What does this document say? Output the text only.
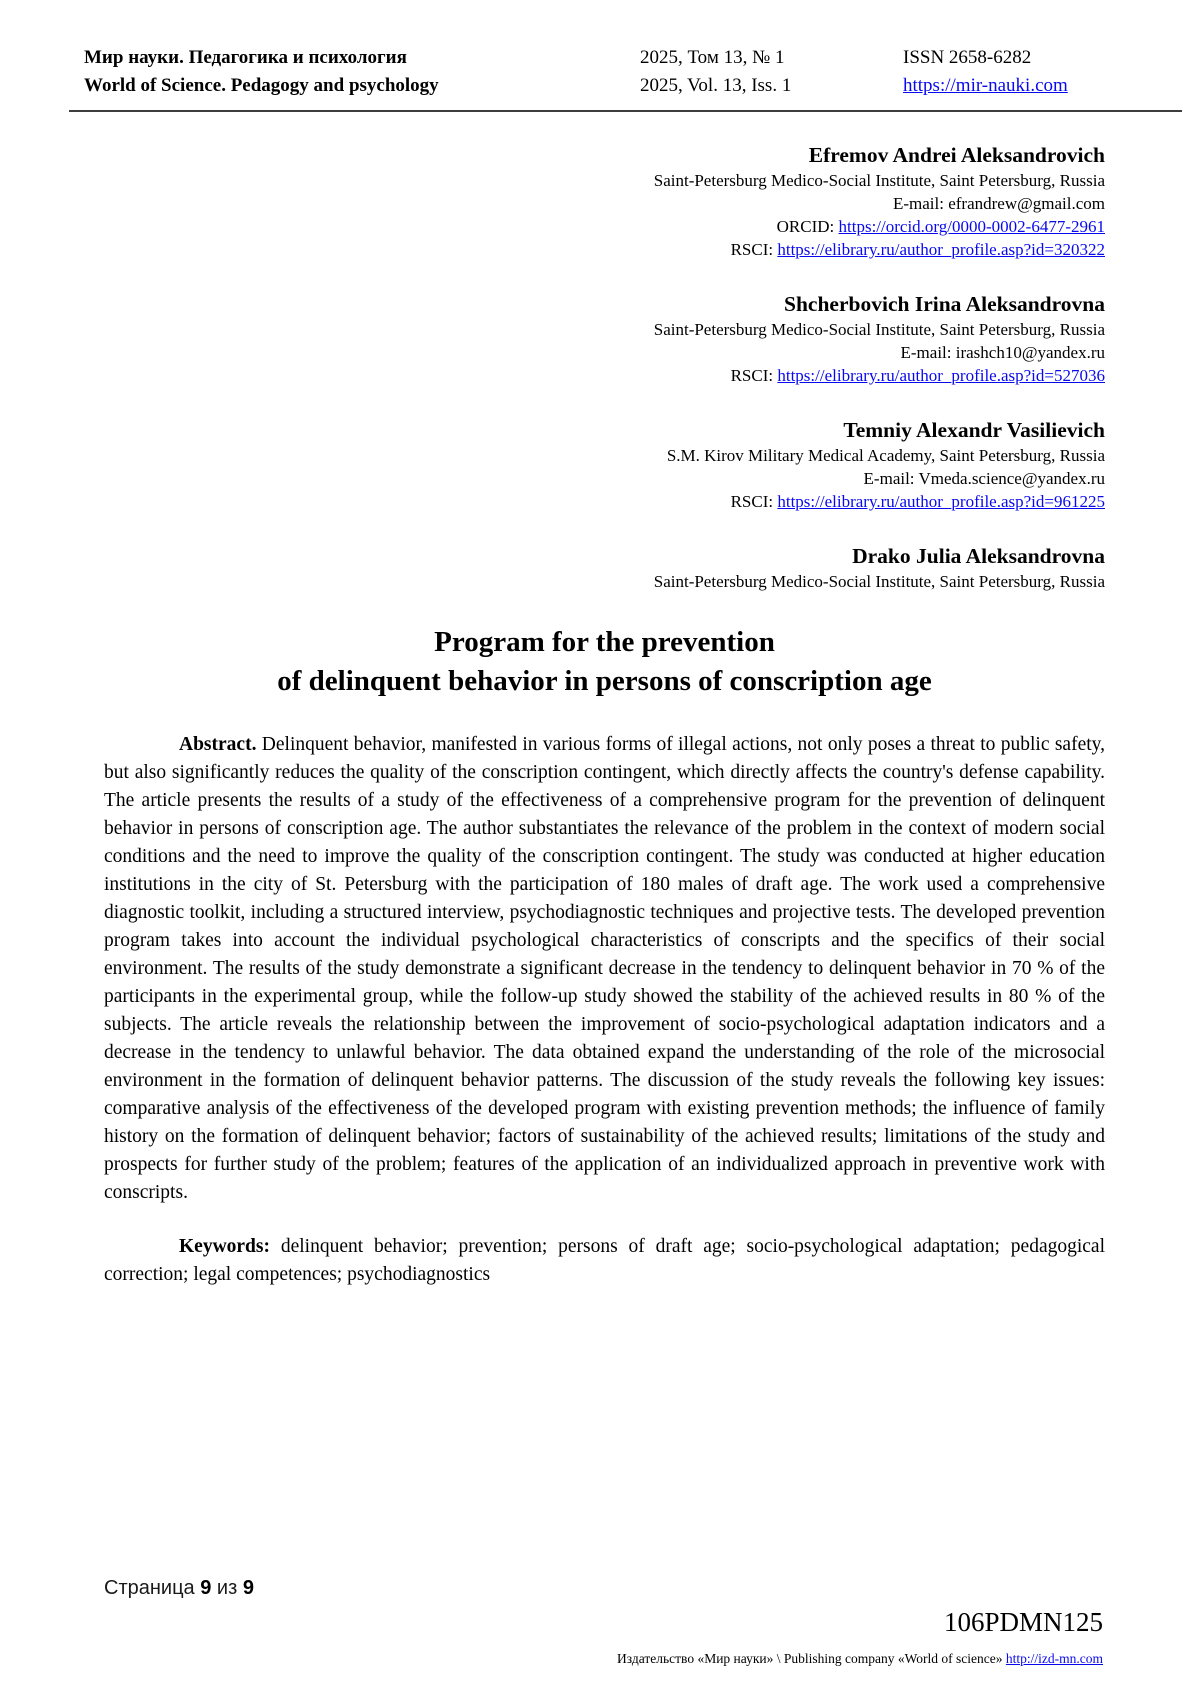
Мир науки. Педагогика и психология
World of Science. Pedagogy and psychology
2025, Том 13, № 1
2025, Vol. 13, Iss. 1
ISSN 2658-6282
https://mir-nauki.com
Efremov Andrei Aleksandrovich
Saint-Petersburg Medico-Social Institute, Saint Petersburg, Russia
E-mail: efrandrew@gmail.com
ORCID: https://orcid.org/0000-0002-6477-2961
RSCI: https://elibrary.ru/author_profile.asp?id=320322
Shcherbovich Irina Aleksandrovna
Saint-Petersburg Medico-Social Institute, Saint Petersburg, Russia
E-mail: irashch10@yandex.ru
RSCI: https://elibrary.ru/author_profile.asp?id=527036
Temniy Alexandr Vasilievich
S.M. Kirov Military Medical Academy, Saint Petersburg, Russia
E-mail: Vmeda.science@yandex.ru
RSCI: https://elibrary.ru/author_profile.asp?id=961225
Drako Julia Aleksandrovna
Saint-Petersburg Medico-Social Institute, Saint Petersburg, Russia
Program for the prevention
of delinquent behavior in persons of conscription age

Abstract. Delinquent behavior, manifested in various forms of illegal actions, not only poses a threat to public safety, but also significantly reduces the quality of the conscription contingent, which directly affects the country's defense capability. The article presents the results of a study of the effectiveness of a comprehensive program for the prevention of delinquent behavior in persons of conscription age. The author substantiates the relevance of the problem in the context of modern social conditions and the need to improve the quality of the conscription contingent. The study was conducted at higher education institutions in the city of St. Petersburg with the participation of 180 males of draft age. The work used a comprehensive diagnostic toolkit, including a structured interview, psychodiagnostic techniques and projective tests. The developed prevention program takes into account the individual psychological characteristics of conscripts and the specifics of their social environment. The results of the study demonstrate a significant decrease in the tendency to delinquent behavior in 70 % of the participants in the experimental group, while the follow-up study showed the stability of the achieved results in 80 % of the subjects. The article reveals the relationship between the improvement of socio-psychological adaptation indicators and a decrease in the tendency to unlawful behavior. The data obtained expand the understanding of the role of the microsocial environment in the formation of delinquent behavior patterns. The discussion of the study reveals the following key issues: comparative analysis of the effectiveness of the developed program with existing prevention methods; the influence of family history on the formation of delinquent behavior; factors of sustainability of the achieved results; limitations of the study and prospects for further study of the problem; features of the application of an individualized approach in preventive work with conscripts.

Keywords: delinquent behavior; prevention; persons of draft age; socio-psychological adaptation; pedagogical correction; legal competences; psychodiagnostics

Страница 9 из 9
106PDMN125
Издательство «Мир науки» \ Publishing company «World of science» http://izd-mn.com
